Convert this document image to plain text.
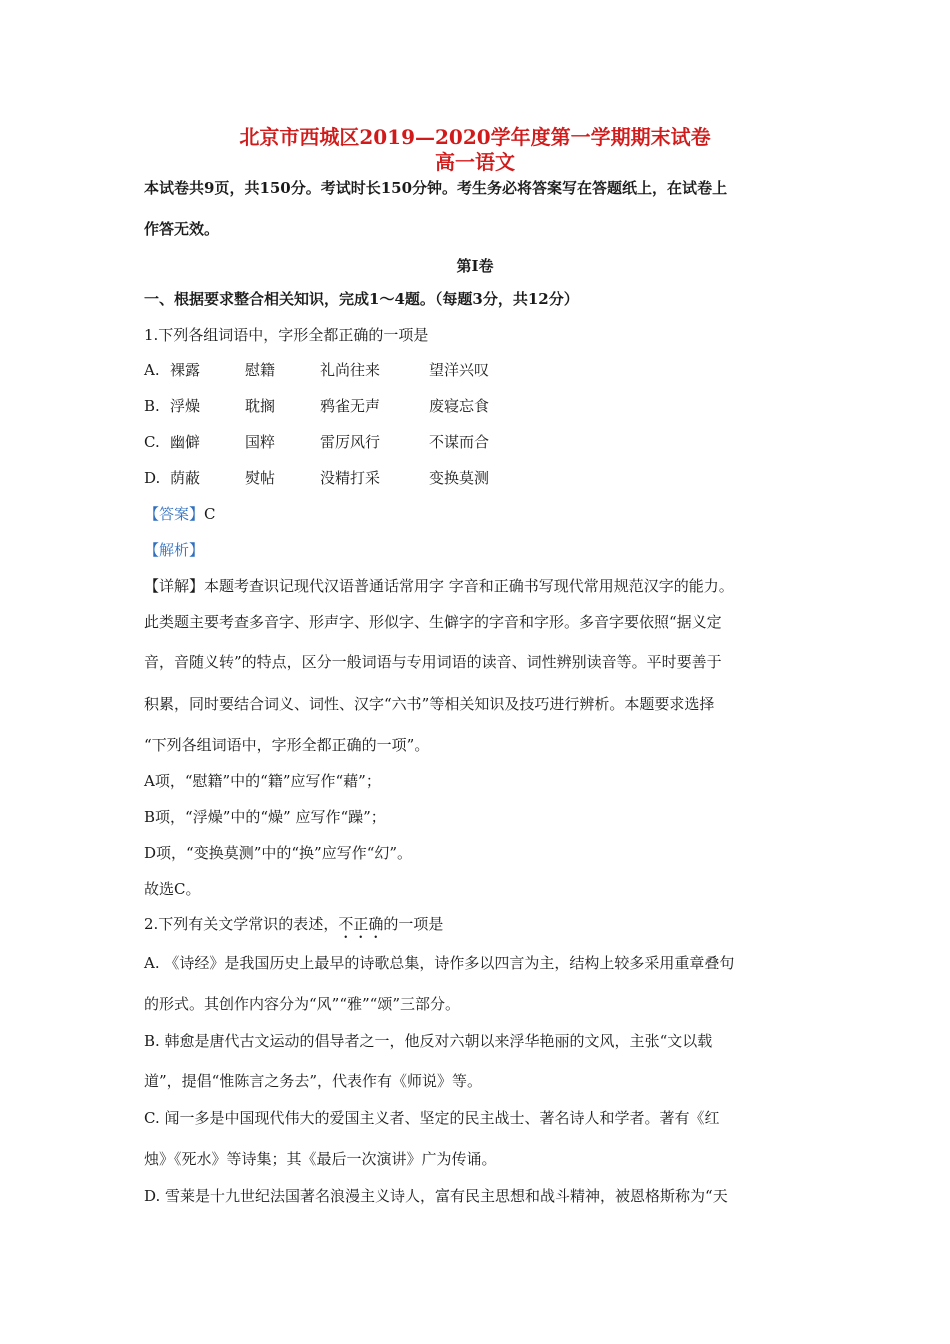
北京市西城区2019—2020学年度第一学期期末试卷
高一语文
本试卷共9页，共150分。考试时长150分钟。考生务必将答案写在答题纸上，在试卷上
作答无效。
第Ⅰ卷
一、根据要求整合相关知识，完成1～4题。（每题3分，共12分）
1.下列各组词语中，字形全都正确的一项是
A. 裸露	慰籍	礼尚往来	望洋兴叹
B. 浮燥	耽搁	鸦雀无声	废寝忘食
C. 幽僻	国粹	雷厉风行	不谋而合
D. 荫蔽	熨帖	没精打采	变换莫测
【答案】C
【解析】
【详解】本题考查识记现代汉语普通话常用字 字音和正确书写现代常用规范汉字的能力。
此类题主要考查多音字、形声字、形似字、生僻字的字音和字形。多音字要依照“据义定
音，音随义转”的特点，区分一般词语与专用词语的读音、词性辨别读音等。平时要善于
积累，同时要结合词义、词性、汉字“六书”等相关知识及技巧进行辨析。本题要求选择
“下列各组词语中，字形全都正确的一项”。
A项，“慰籍”中的“籍”应写作“藉”；
B项，“浮燥”中的“燥” 应写作“躁”；
D项，“变换莫测”中的“换”应写作“幻”。
故选C。
2.下列有关文学常识的表述，不正确的一项是
A. 《诗经》是我国历史上最早的诗歌总集，诗作多以四言为主，结构上较多采用重章叠句
的形式。其创作内容分为“风”“雅”“颂”三部分。
B. 韩愈是唐代古文运动的倡导者之一，他反对六朝以来浮华艳丽的文风，主张“文以载
道”，提倡“惟陈言之务去”，代表作有《师说》等。
C. 闻一多是中国现代伟大的爱国主义者、坚定的民主战士、著名诗人和学者。著有《红
烛》《死水》等诗集；其《最后一次演讲》广为传诵。
D. 雪莱是十九世纪法国著名浪漫主义诗人，富有民主思想和战斗精神，被恩格斯称为“天
